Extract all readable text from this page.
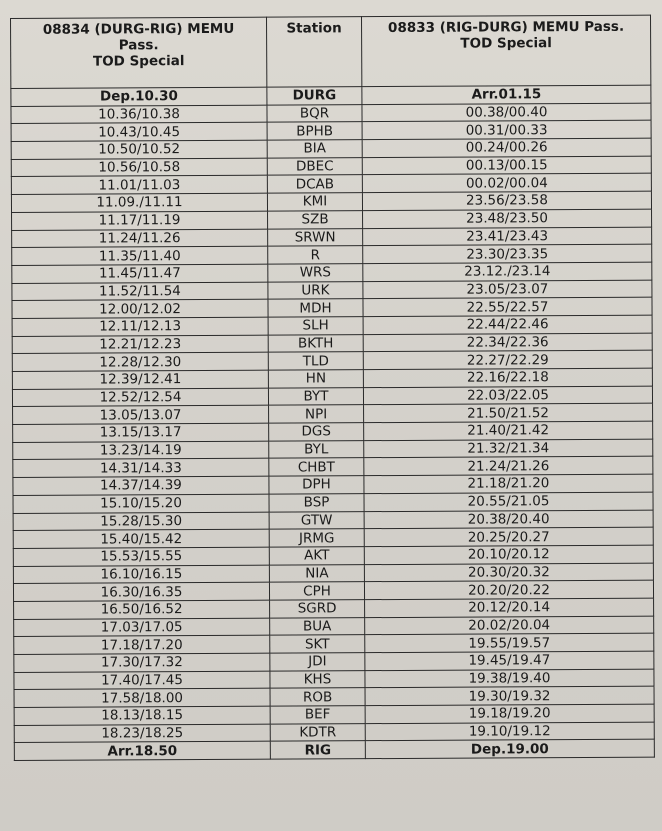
08834 (DURG-RIG) MEMU
Pass.
TOD Special	Station	08833 (RIG-DURG) MEMU Pass.
TOD Special

Dep.10.30	DURG	Arr.01.15
10.36/10.38	BQR	00.38/00.40
10.43/10.45	BPHB	00.31/00.33
10.50/10.52	BIA	00.24/00.26
10.56/10.58	DBEC	00.13/00.15
11.01/11.03	DCAB	00.02/00.04
11.09./11.11	KMI	23.56/23.58
11.17/11.19	SZB	23.48/23.50
11.24/11.26	SRWN	23.41/23.43
11.35/11.40	R	23.30/23.35
11.45/11.47	WRS	23.12./23.14
11.52/11.54	URK	23.05/23.07
12.00/12.02	MDH	22.55/22.57
12.11/12.13	SLH	22.44/22.46
12.21/12.23	BKTH	22.34/22.36
12.28/12.30	TLD	22.27/22.29
12.39/12.41	HN	22.16/22.18
12.52/12.54	BYT	22.03/22.05
13.05/13.07	NPI	21.50/21.52
13.15/13.17	DGS	21.40/21.42
13.23/14.19	BYL	21.32/21.34
14.31/14.33	CHBT	21.24/21.26
14.37/14.39	DPH	21.18/21.20
15.10/15.20	BSP	20.55/21.05
15.28/15.30	GTW	20.38/20.40
15.40/15.42	JRMG	20.25/20.27
15.53/15.55	AKT	20.10/20.12
16.10/16.15	NIA	20.30/20.32
16.30/16.35	CPH	20.20/20.22
16.50/16.52	SGRD	20.12/20.14
17.03/17.05	BUA	20.02/20.04
17.18/17.20	SKT	19.55/19.57
17.30/17.32	JDI	19.45/19.47
17.40/17.45	KHS	19.38/19.40
17.58/18.00	ROB	19.30/19.32
18.13/18.15	BEF	19.18/19.20
18.23/18.25	KDTR	19.10/19.12
Arr.18.50	RIG	Dep.19.00
